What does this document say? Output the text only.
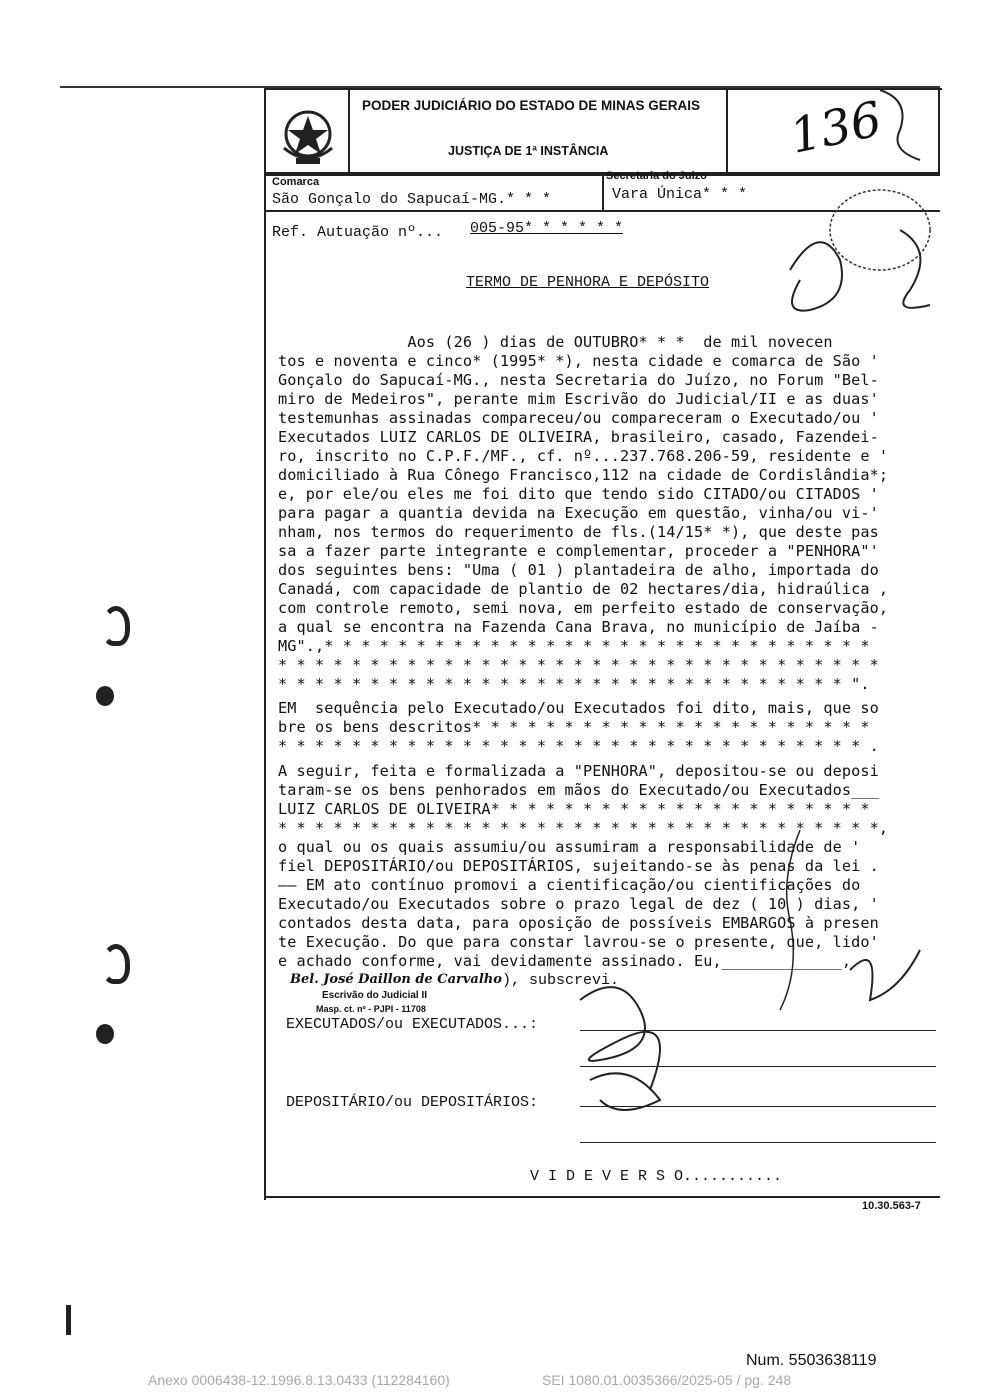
PODER JUDICIÁRIO DO ESTADO DE MINAS GERAIS
JUSTIÇA DE 1ª INSTÂNCIA	136
Comarca
São Gonçalo do Sapucaí-MG.* * *
Secretaria do Juizo
Vara Única* * *
Ref. Autuação nº... 005-95* * * * * *
TERMO DE PENHORA E DEPÓSITO
Aos (26 ) dias de OUTUBRO* * *  de mil novecen
tos e noventa e cinco* (1995* *), nesta cidade e comarca de São '
Gonçalo do Sapucaí-MG., nesta Secretaria do Juízo, no Forum "Bel-
miro de Medeiros", perante mim Escrivão do Judicial/II e as duas'
testemunhas assinadas compareceu/ou compareceram o Executado/ou '
Executados LUIZ CARLOS DE OLIVEIRA, brasileiro, casado, Fazendei-
ro, inscrito no C.P.F./MF., cf. nº...237.768.206-59, residente e '
domiciliado à Rua Cônego Francisco,112 na cidade de Cordislândia*;
e, por ele/ou eles me foi dito que tendo sido CITADO/ou CITADOS '
para pagar a quantia devida na Execução em questão, vinha/ou vi-'
nham, nos termos do requerimento de fls.(14/15* *), que deste pas
sa a fazer parte integrante e complementar, proceder a "PENHORA"'
dos seguintes bens: "Uma ( 01 ) plantadeira de alho, importada do
Canadá, com capacidade de plantio de 02 hectares/dia, hidraúlica ,
com controle remoto, semi nova, em perfeito estado de conservação,
a qual se encontra na Fazenda Cana Brava, no município de Jaíba -
MG".,* * * * * * * * * * * * * * * * * * * * * * * * * * * * * *
* * * * * * * * * * * * * * * * * * * * * * * * * * * * * * * * *
* * * * * * * * * * * * * * * * * * * * * * * * * * * * * * * ".
EM  sequência pelo Executado/ou Executados foi dito, mais, que so
bre os bens descritos* * * * * * * * * * * * * * * * * * * * * *
* * * * * * * * * * * * * * * * * * * * * * * * * * * * * * * * .
A seguir, feita e formalizada a "PENHORA", depositou-se ou deposi
taram-se os bens penhorados em mãos do Executado/ou Executados___
LUIZ CARLOS DE OLIVEIRA* * * * * * * * * * * * * * * * * * * * *
* * * * * * * * * * * * * * * * * * * * * * * * * * * * * * * * *,
o qual ou os quais assumiu/ou assumiram a responsabilidade de '
fiel DEPOSITÁRIO/ou DEPOSITÁRIOS, sujeitando-se às penas da lei .
—— EM ato contínuo promovi a cientificação/ou cientificações do
Executado/ou Executados sobre o prazo legal de dez ( 10 ) dias, '
contados desta data, para oposição de possíveis EMBARGOS à presen
te Execução. Do que para constar lavrou-se o presente, que, lido'
e achado conforme, vai devidamente assinado. Eu,_____________,
Bel. José Daillon de Carvalho ), subscrevi.
Escrivão do Judicial II
Masp. ct. nº - PJPI - 11708
EXECUTADOS/ou EXECUTADOS...:
DEPOSITÁRIO/ou DEPOSITÁRIOS:
V I D E V E R S O...........
10.30.563-7
Num. 5503638119
Anexo 0006438-12.1996.8.13.0433 (112284160)	SEI 1080.01.0035366/2025-05 / pg. 248
